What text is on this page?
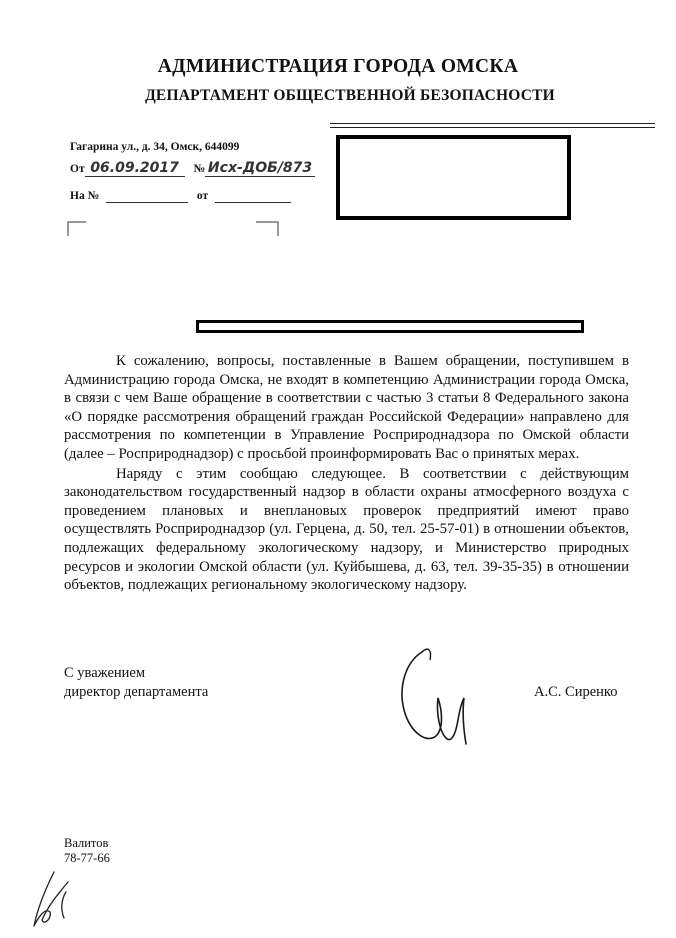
АДМИНИСТРАЦИЯ ГОРОДА ОМСКА
ДЕПАРТАМЕНТ ОБЩЕСТВЕННОЙ БЕЗОПАСНОСТИ
Гагарина ул., д. 34, Омск, 644099
От 06.09.2017 № Исх-ДОБ/873
На №	от

К сожалению, вопросы, поставленные в Вашем обращении, поступившем в Администрацию города Омска, не входят в компетенцию Администрации города Омска, в связи с чем Ваше обращение в соответствии с частью 3 статьи 8 Федерального закона «О порядке рассмотрения обращений граждан Российской Федерации» направлено для рассмотрения по компетенции в Управление Росприроднадзора по Омской области (далее – Росприроднадзор) с просьбой проинформировать Вас о принятых мерах.

Наряду с этим сообщаю следующее. В соответствии с действующим законодательством государственный надзор в области охраны атмосферного воздуха с проведением плановых и внеплановых проверок предприятий имеют право осуществлять Росприроднадзор (ул. Герцена, д. 50, тел. 25-57-01) в отношении объектов, подлежащих федеральному экологическому надзору, и Министерство природных ресурсов и экологии Омской области (ул. Куйбышева, д. 63, тел. 39-35-35) в отношении объектов, подлежащих региональному экологическому надзору.

С уважением
директор департамента	А.С. Сиренко
Валитов
78-77-66
